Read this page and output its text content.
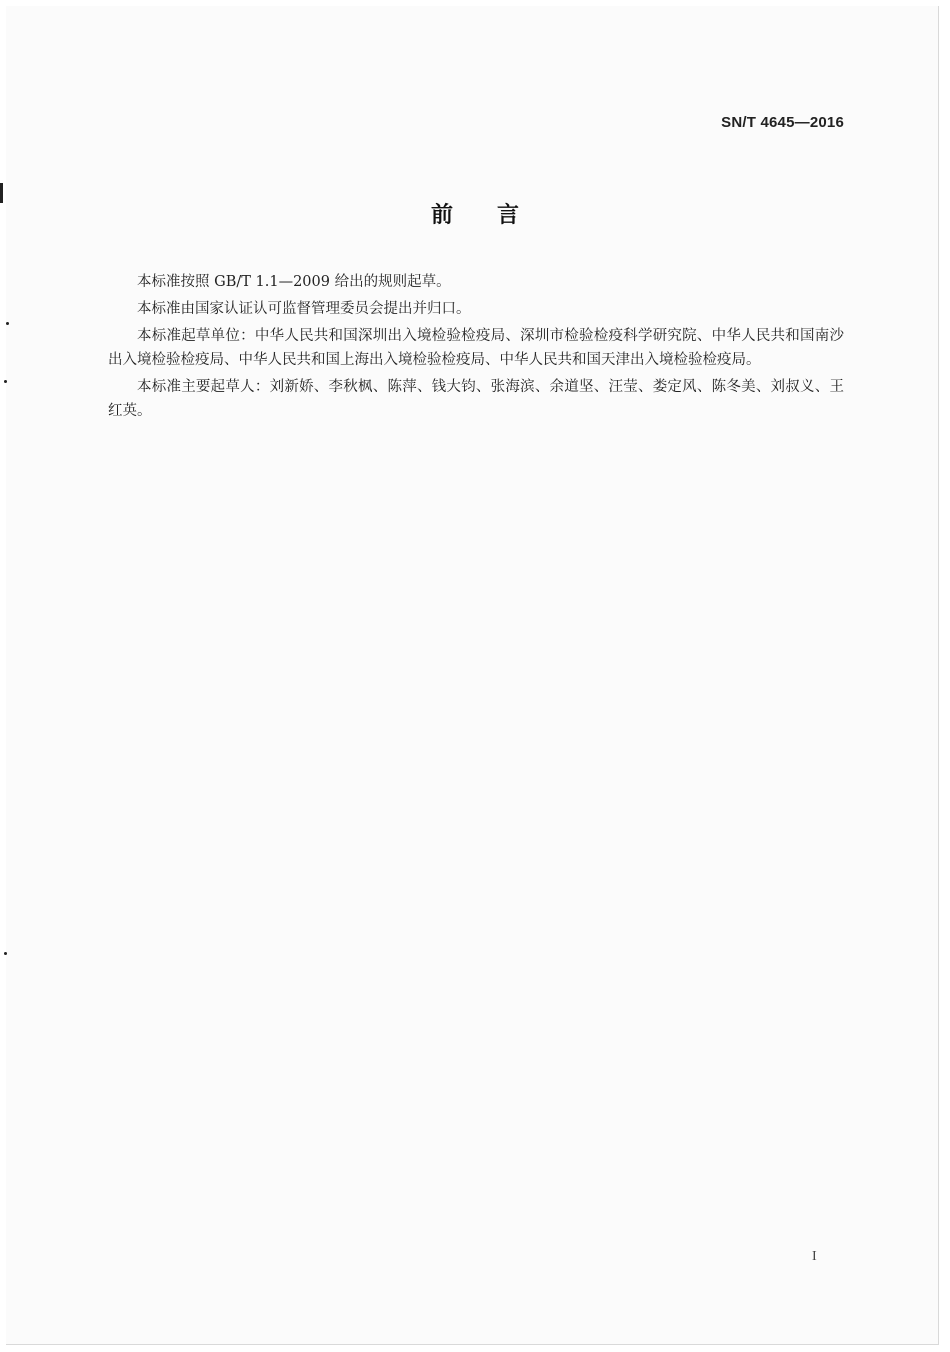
SN/T 4645—2016
前言

本标准按照 GB/T 1.1—2009 给出的规则起草。

本标准由国家认证认可监督管理委员会提出并归口。

本标准起草单位：中华人民共和国深圳出入境检验检疫局、深圳市检验检疫科学研究院、中华人民共和国南沙出入境检验检疫局、中华人民共和国上海出入境检验检疫局、中华人民共和国天津出入境检验检疫局。

本标准主要起草人：刘新娇、李秋枫、陈萍、钱大钧、张海滨、余道坚、汪莹、娄定风、陈冬美、刘叔义、王红英。

I
